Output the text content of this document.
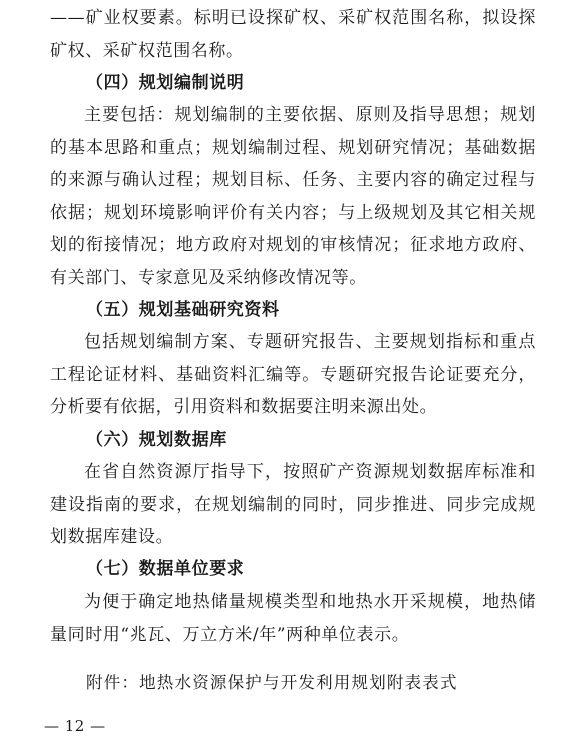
——矿业权要素。标明已设探矿权、采矿权范围名称，拟设探矿权、采矿权范围名称。

（四）规划编制说明

主要包括：规划编制的主要依据、原则及指导思想；规划的基本思路和重点；规划编制过程、规划研究情况；基础数据的来源与确认过程；规划目标、任务、主要内容的确定过程与依据；规划环境影响评价有关内容；与上级规划及其它相关规划的衔接情况；地方政府对规划的审核情况；征求地方政府、有关部门、专家意见及采纳修改情况等。

（五）规划基础研究资料

包括规划编制方案、专题研究报告、主要规划指标和重点工程论证材料、基础资料汇编等。专题研究报告论证要充分，分析要有依据，引用资料和数据要注明来源出处。

（六）规划数据库

在省自然资源厅指导下，按照矿产资源规划数据库标准和建设指南的要求，在规划编制的同时，同步推进、同步完成规划数据库建设。

（七）数据单位要求

为便于确定地热储量规模类型和地热水开采规模，地热储量同时用“兆瓦、万立方米/年”两种单位表示。

附件：地热水资源保护与开发利用规划附表表式

— 12 —
